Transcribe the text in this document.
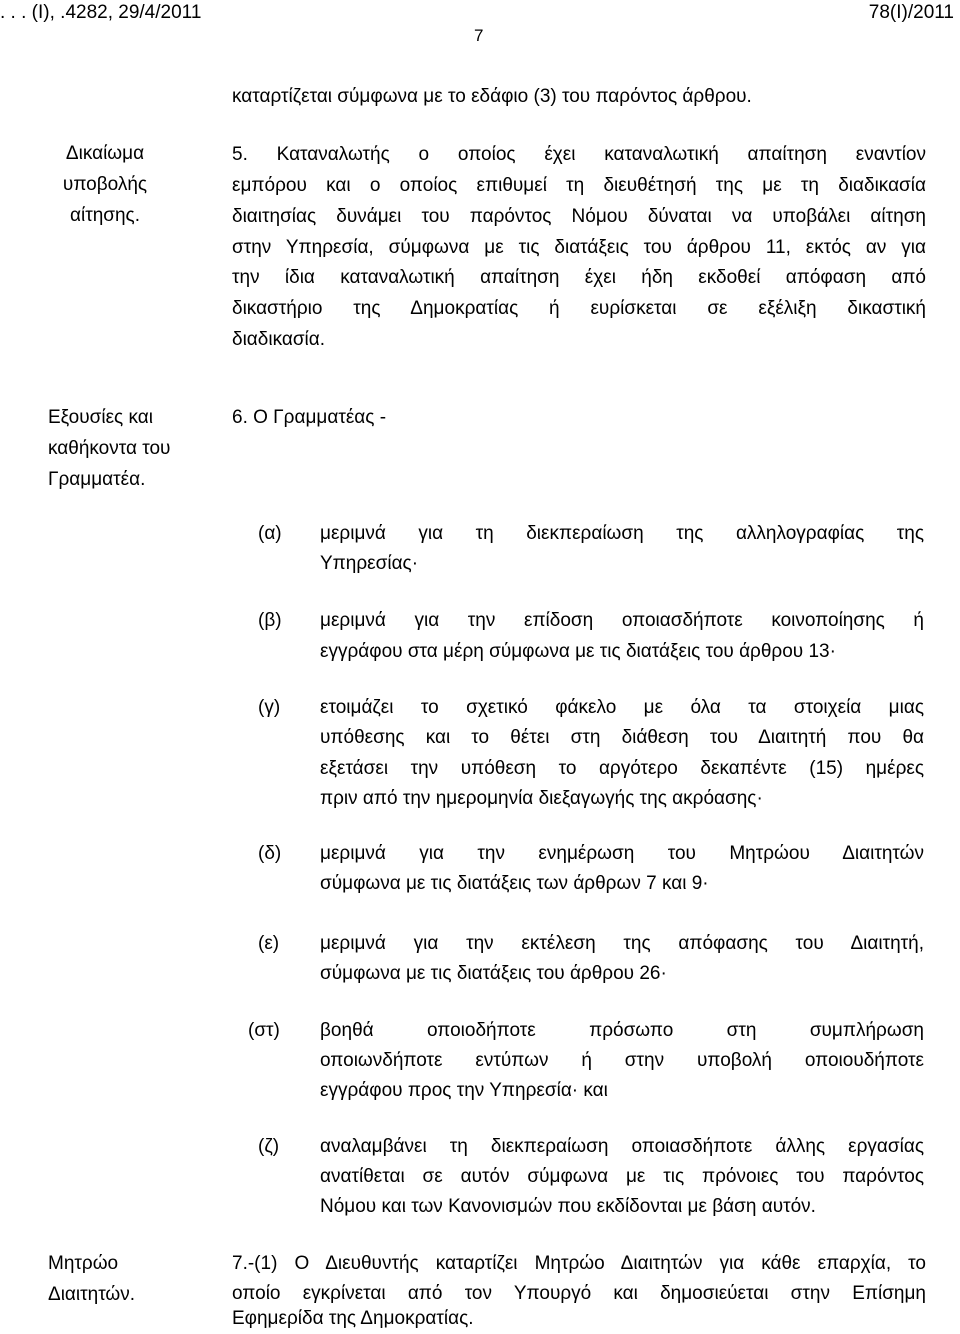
. . . (Ι), .4282, 29/4/2011	78(Ι)/2011
7
καταρτίζεται σύμφωνα με το εδάφιο (3) του παρόντος άρθρου.
Δικαίωμα
υποβολής
αίτησης.
5. Καταναλωτής ο οποίος έχει καταναλωτική απαίτηση εναντίον
εμπόρου και ο οποίος επιθυμεί τη διευθέτησή της με τη διαδικασία
διαιτησίας δυνάμει του παρόντος Νόμου δύναται να υποβάλει αίτηση
στην Υπηρεσία, σύμφωνα με τις διατάξεις του άρθρου 11, εκτός αν για
την ίδια καταναλωτική απαίτηση έχει ήδη εκδοθεί απόφαση από
δικαστήριο της Δημοκρατίας ή ευρίσκεται σε εξέλιξη δικαστική
διαδικασία.
Εξουσίες και
καθήκοντα του
Γραμματέα.
6. Ο Γραμματέας -
(α) μεριμνά για τη διεκπεραίωση της αλληλογραφίας της
Υπηρεσίας·
(β) μεριμνά για την επίδοση οποιασδήποτε κοινοποίησης ή
εγγράφου στα μέρη σύμφωνα με τις διατάξεις του άρθρου 13·
(γ) ετοιμάζει το σχετικό φάκελο με όλα τα στοιχεία μιας
υπόθεσης και το θέτει στη διάθεση του Διαιτητή που θα
εξετάσει την υπόθεση το αργότερο δεκαπέντε (15) ημέρες
πριν από την ημερομηνία διεξαγωγής της ακρόασης·
(δ) μεριμνά για την ενημέρωση του Μητρώου Διαιτητών
σύμφωνα με τις διατάξεις των άρθρων 7 και 9·
(ε) μεριμνά για την εκτέλεση της απόφασης του Διαιτητή,
σύμφωνα με τις διατάξεις του άρθρου 26·
(στ) βοηθά οποιοδήποτε πρόσωπο στη συμπλήρωση
οποιωνδήποτε εντύπων ή στην υποβολή οποιουδήποτε
εγγράφου προς την Υπηρεσία· και
(ζ) αναλαμβάνει τη διεκπεραίωση οποιασδήποτε άλλης εργασίας
ανατίθεται σε αυτόν σύμφωνα με τις πρόνοιες του παρόντος
Νόμου και των Κανονισμών που εκδίδονται με βάση αυτόν.
Μητρώο
Διαιτητών.
7.-(1) Ο Διευθυντής καταρτίζει Μητρώο Διαιτητών για κάθε επαρχία, το
οποίο εγκρίνεται από τον Υπουργό και δημοσιεύεται στην Επίσημη
Εφημερίδα της Δημοκρατίας.
